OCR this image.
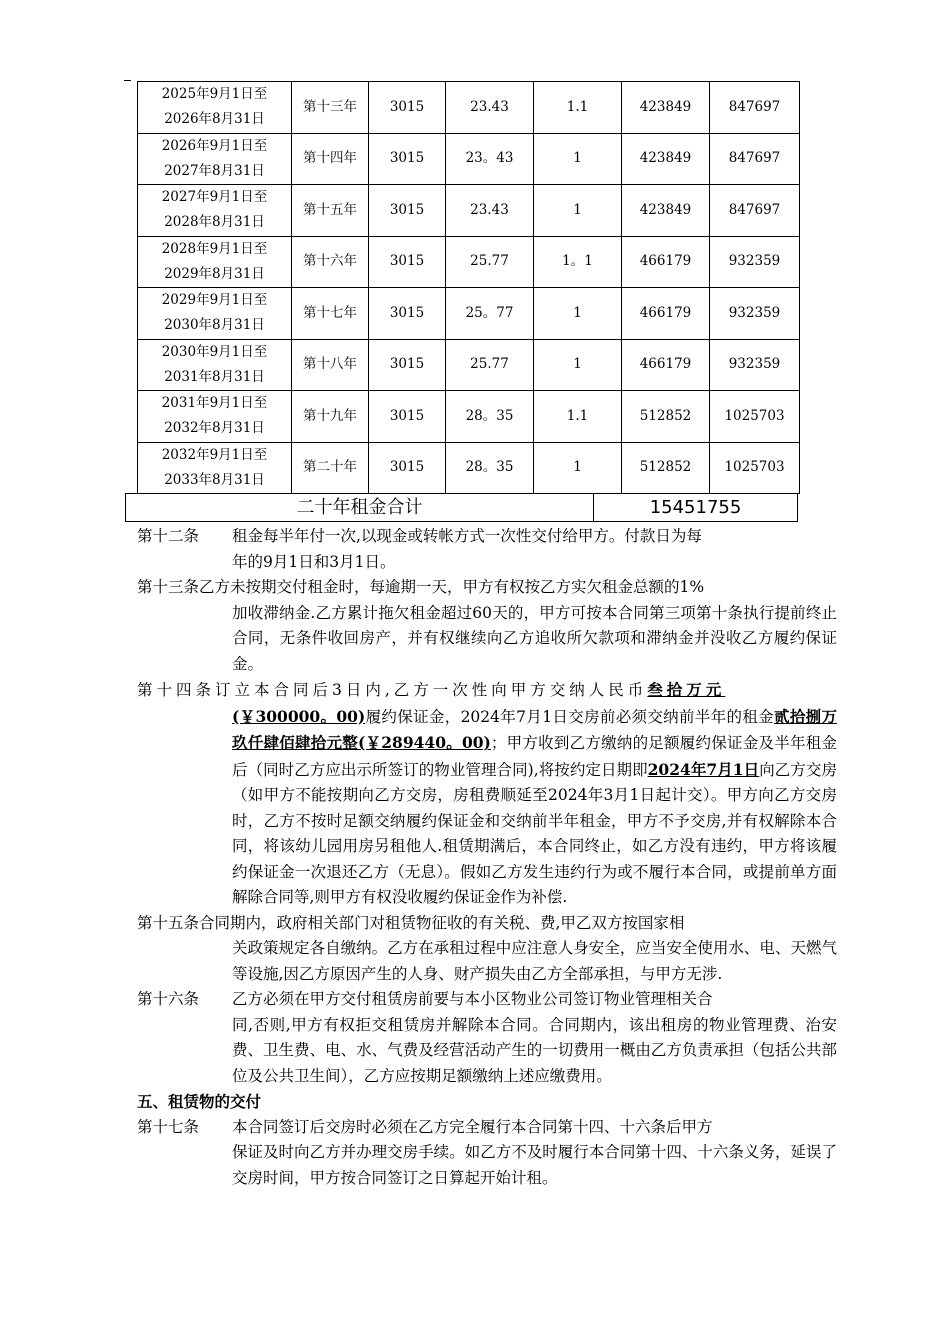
2025年9月1日至
2026年8月31日	第十三年	3015	23.43	1.1	423849	847697

2026年9月1日至
2027年8月31日	第十四年	3015	23。43	1	423849	847697

2027年9月1日至
2028年8月31日	第十五年	3015	23.43	1	423849	847697

2028年9月1日至
2029年8月31日	第十六年	3015	25.77	1。1	466179	932359

2029年9月1日至
2030年8月31日	第十七年	3015	25。77	1	466179	932359

2030年9月1日至
2031年8月31日	第十八年	3015	25.77	1	466179	932359

2031年9月1日至
2032年8月31日	第十九年	3015	28。35	1.1	512852	1025703

2032年9月1日至
2033年8月31日	第二十年	3015	28。35	1	512852	1025703
二十年租金合计	15451755
第十二条 租金每半年付一次,以现金或转帐方式一次性交付给甲方。付款日为每
年的9月1日和3月1日。
第十三条乙方未按期交付租金时，每逾期一天，甲方有权按乙方实欠租金总额的1%
加收滞纳金.乙方累计拖欠租金超过60天的，甲方可按本合同第三项第十条执行提前终止合同，无条件收回房产，并有权继续向乙方追收所欠款项和滞纳金并没收乙方履约保证金。
第十四条订立本合同后3日内,乙方一次性向甲方交纳人民币叁拾万元
(￥300000。00)履约保证金，2024年7月1日交房前必须交纳前半年的租金贰拾捌万玖仟肆佰肆拾元整(￥289440。00)；甲方收到乙方缴纳的足额履约保证金及半年租金后（同时乙方应出示所签订的物业管理合同),将按约定日期即2024年7月1日向乙方交房（如甲方不能按期向乙方交房，房租费顺延至2024年3月1日起计交）。甲方向乙方交房时，乙方不按时足额交纳履约保证金和交纳前半年租金，甲方不予交房,并有权解除本合同，将该幼儿园用房另租他人.租赁期满后，本合同终止，如乙方没有违约，甲方将该履约保证金一次退还乙方（无息）。假如乙方发生违约行为或不履行本合同，或提前单方面解除合同等,则甲方有权没收履约保证金作为补偿.
第十五条合同期内，政府相关部门对租赁物征收的有关税、费,甲乙双方按国家相
关政策规定各自缴纳。乙方在承租过程中应注意人身安全，应当安全使用水、电、天燃气等设施,因乙方原因产生的人身、财产损失由乙方全部承担，与甲方无涉.
第十六条 乙方必须在甲方交付租赁房前要与本小区物业公司签订物业管理相关合
同,否则,甲方有权拒交租赁房并解除本合同。合同期内，该出租房的物业管理费、治安费、卫生费、电、水、气费及经营活动产生的一切费用一概由乙方负责承担（包括公共部位及公共卫生间），乙方应按期足额缴纳上述应缴费用。
五、租赁物的交付
第十七条 本合同签订后交房时必须在乙方完全履行本合同第十四、十六条后甲方
保证及时向乙方并办理交房手续。如乙方不及时履行本合同第十四、十六条义务，延误了交房时间，甲方按合同签订之日算起开始计租。
